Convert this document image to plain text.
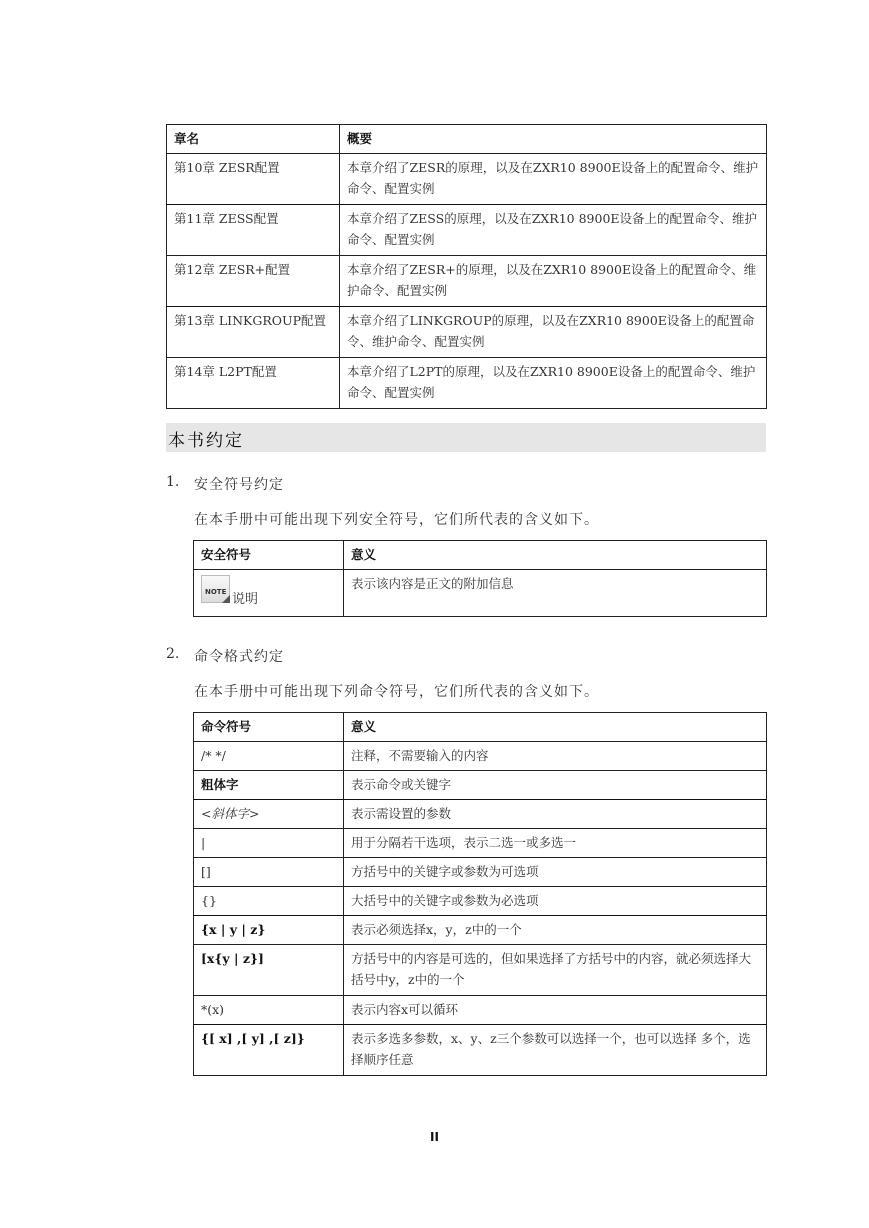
章名	概要
第10章 ZESR配置	本章介绍了ZESR的原理，以及在ZXR10 8900E设备上的配置命令、维护命令、配置实例
第11章 ZESS配置	本章介绍了ZESS的原理，以及在ZXR10 8900E设备上的配置命令、维护命令、配置实例
第12章 ZESR+配置	本章介绍了ZESR+的原理，以及在ZXR10 8900E设备上的配置命令、维护命令、配置实例
第13章 LINKGROUP配置	本章介绍了LINKGROUP的原理，以及在ZXR10 8900E设备上的配置命令、维护命令、配置实例
第14章 L2PT配置	本章介绍了L2PT的原理，以及在ZXR10 8900E设备上的配置命令、维护命令、配置实例
本书约定
1. 安全符号约定
在本手册中可能出现下列安全符号，它们所代表的含义如下。
安全符号	意义

NOTE 说明	表示该内容是正文的附加信息
2. 命令格式约定
在本手册中可能出现下列命令符号，它们所代表的含义如下。
命令符号	意义
/* */	注释，不需要输入的内容
粗体字	表示命令或关键字
<斜体字>	表示需设置的参数
|	用于分隔若干选项，表示二选一或多选一
[]	方括号中的关键字或参数为可选项
{}	大括号中的关键字或参数为必选项
{x | y | z}	表示必须选择x，y，z中的一个
[x{y | z}]	方括号中的内容是可选的，但如果选择了方括号中的内容，就必须选择大括号中y，z中的一个
*(x)	表示内容x可以循环
{[ x] ,[ y] ,[ z]}	表示多选多参数，x、y、z三个参数可以选择一个，也可以选择 多个，选择顺序任意
II
